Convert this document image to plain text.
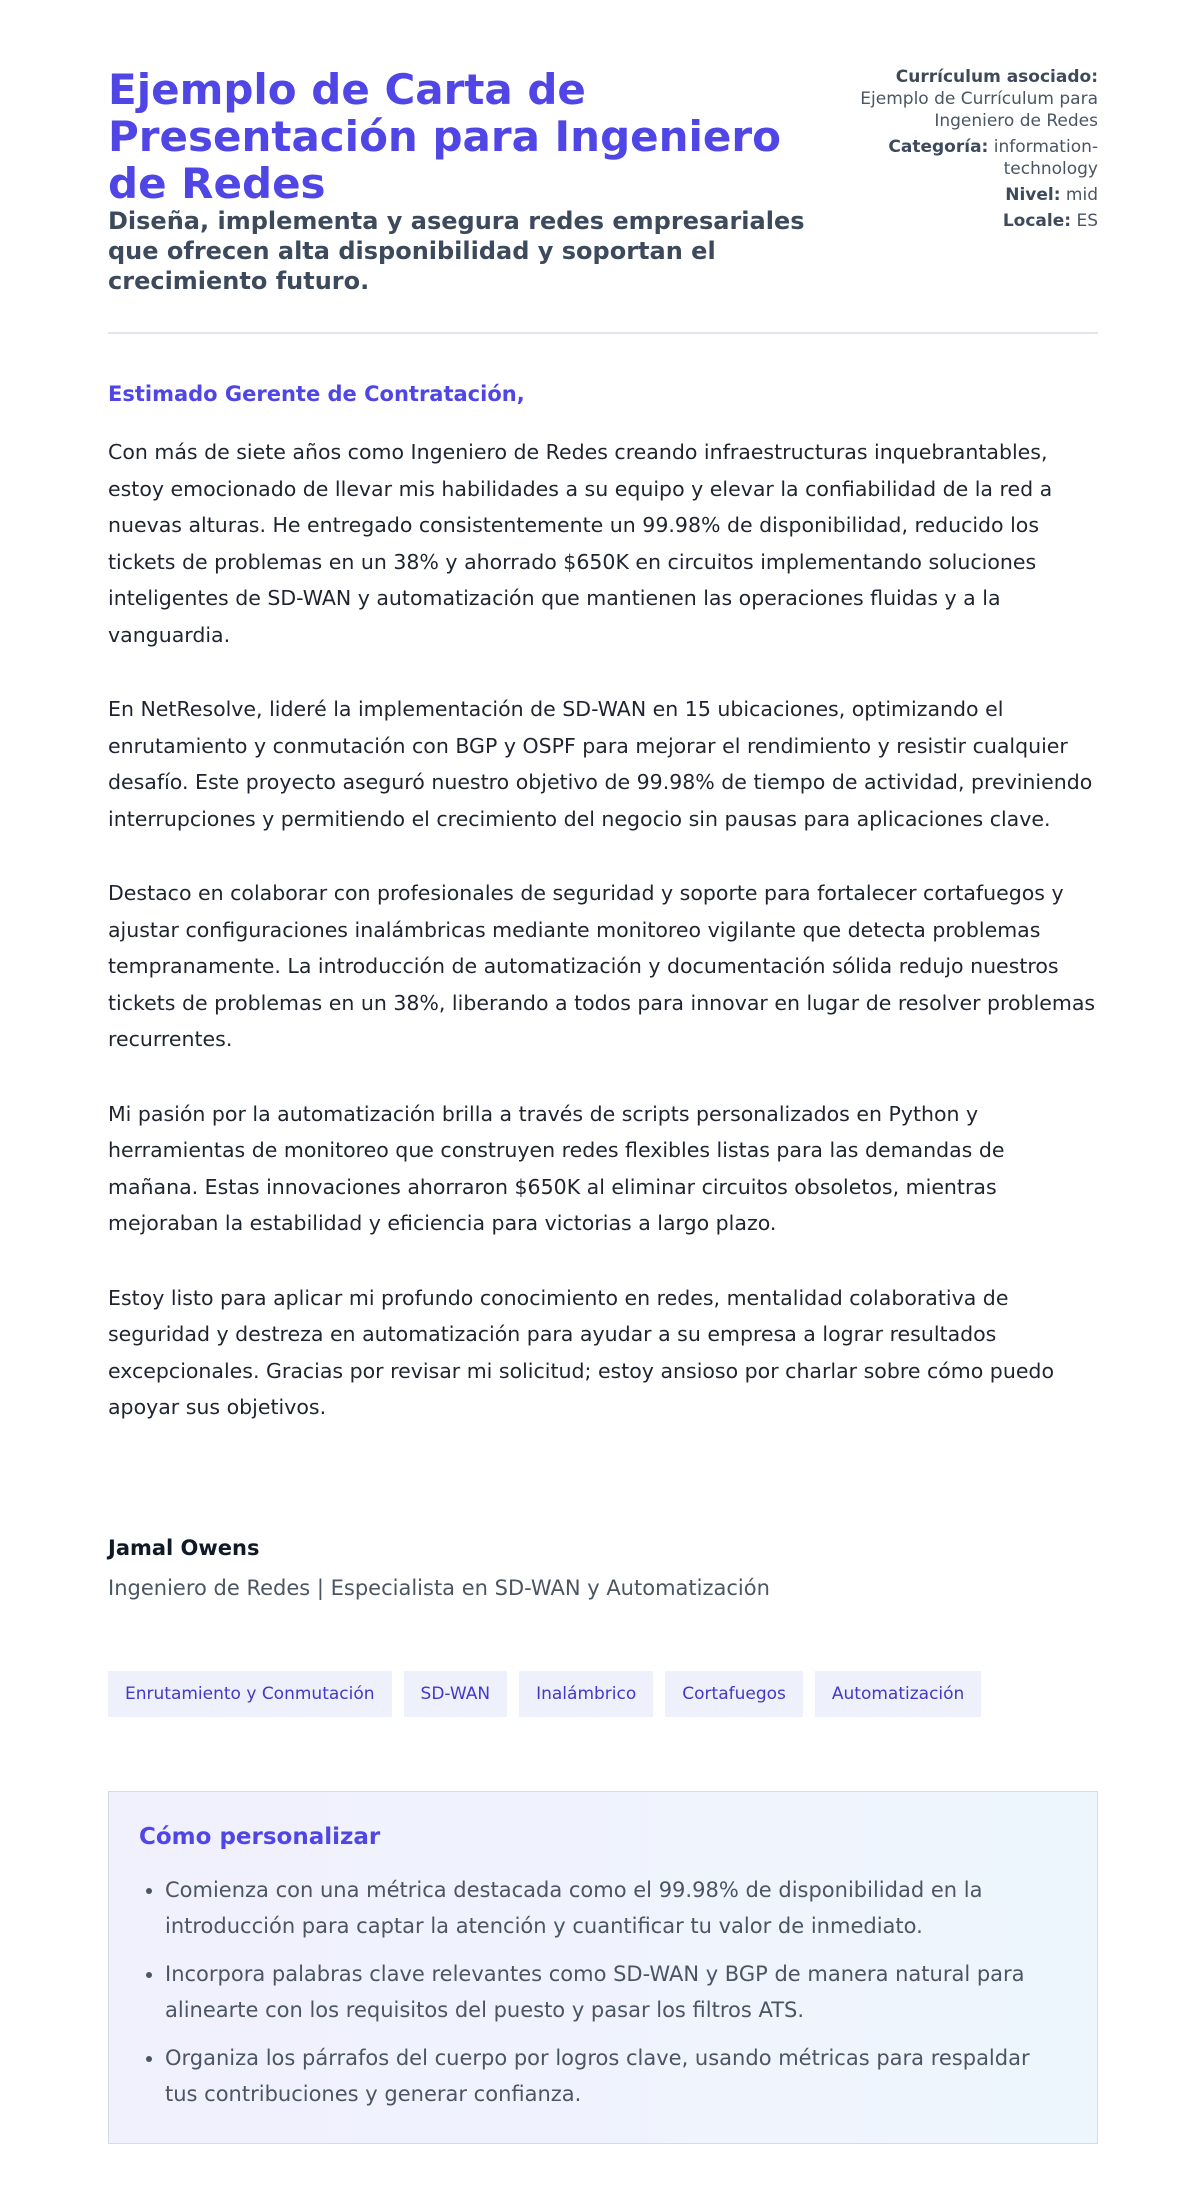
Ejemplo de Carta de Presentación para Ingeniero de Redes

Diseña, implementa y asegura redes empresariales que ofrecen alta disponibilidad y soportan el crecimiento futuro.

Currículum asociado:
Ejemplo de Currículum para Ingeniero de Redes
Categoría: information-technology
Nivel: mid
Locale: ES

Estimado Gerente de Contratación,

Con más de siete años como Ingeniero de Redes creando infraestructuras inquebrantables, estoy emocionado de llevar mis habilidades a su equipo y elevar la confiabilidad de la red a nuevas alturas. He entregado consistentemente un 99.98% de disponibilidad, reducido los tickets de problemas en un 38% y ahorrado $650K en circuitos implementando soluciones inteligentes de SD-WAN y automatización que mantienen las operaciones fluidas y a la vanguardia.

En NetResolve, lideré la implementación de SD-WAN en 15 ubicaciones, optimizando el enrutamiento y conmutación con BGP y OSPF para mejorar el rendimiento y resistir cualquier desafío. Este proyecto aseguró nuestro objetivo de 99.98% de tiempo de actividad, previniendo interrupciones y permitiendo el crecimiento del negocio sin pausas para aplicaciones clave.

Destaco en colaborar con profesionales de seguridad y soporte para fortalecer cortafuegos y ajustar configuraciones inalámbricas mediante monitoreo vigilante que detecta problemas tempranamente. La introducción de automatización y documentación sólida redujo nuestros tickets de problemas en un 38%, liberando a todos para innovar en lugar de resolver problemas recurrentes.

Mi pasión por la automatización brilla a través de scripts personalizados en Python y herramientas de monitoreo que construyen redes flexibles listas para las demandas de mañana. Estas innovaciones ahorraron $650K al eliminar circuitos obsoletos, mientras mejoraban la estabilidad y eficiencia para victorias a largo plazo.

Estoy listo para aplicar mi profundo conocimiento en redes, mentalidad colaborativa de seguridad y destreza en automatización para ayudar a su empresa a lograr resultados excepcionales. Gracias por revisar mi solicitud; estoy ansioso por charlar sobre cómo puedo apoyar sus objetivos.

Jamal Owens

Ingeniero de Redes | Especialista en SD-WAN y Automatización

Enrutamiento y Conmutación	SD-WAN	Inalámbrico	Cortafuegos	Automatización
Cómo personalizar
• Comienza con una métrica destacada como el 99.98% de disponibilidad en la introducción para captar la atención y cuantificar tu valor de inmediato.
• Incorpora palabras clave relevantes como SD-WAN y BGP de manera natural para alinearte con los requisitos del puesto y pasar los filtros ATS.
• Organiza los párrafos del cuerpo por logros clave, usando métricas para respaldar tus contribuciones y generar confianza.
